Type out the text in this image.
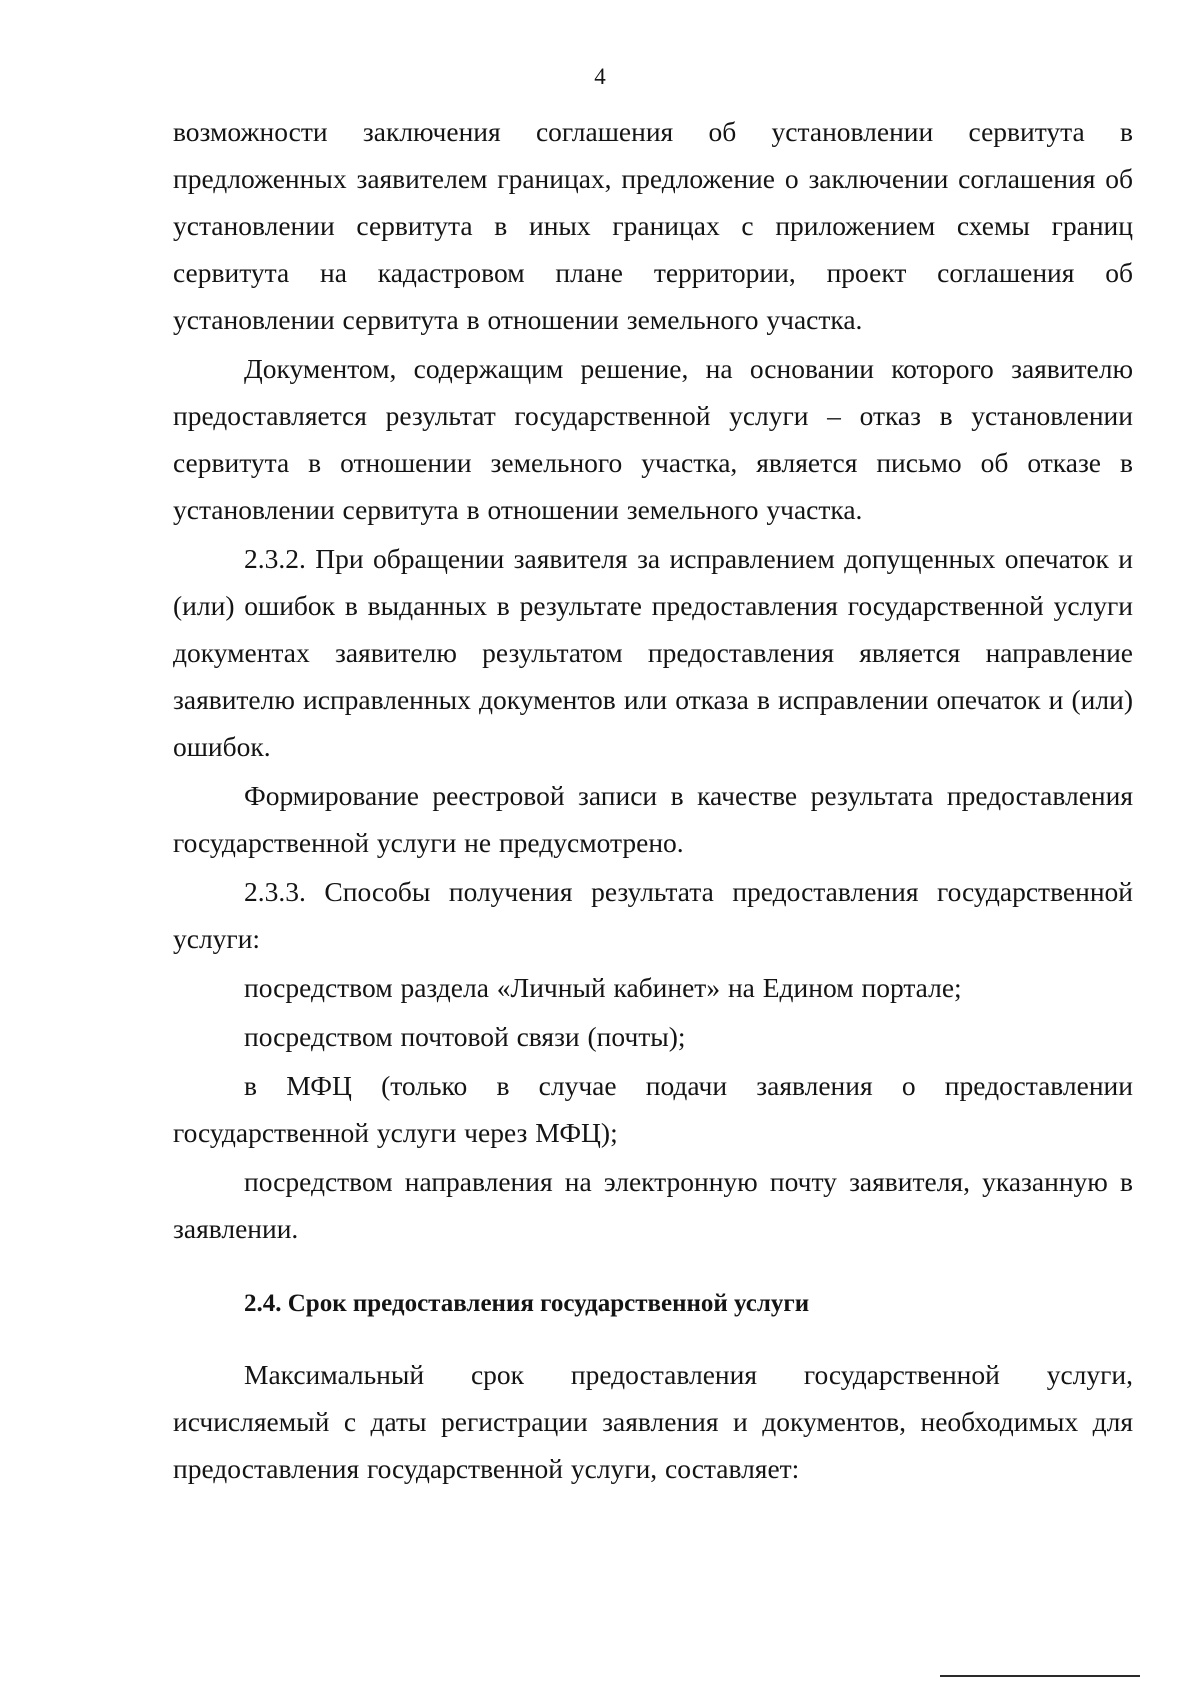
4

возможности заключения соглашения об установлении сервитута в предложенных заявителем границах, предложение о заключении соглашения об установлении сервитута в иных границах с приложением схемы границ сервитута на кадастровом плане территории, проект соглашения об установлении сервитута в отношении земельного участка.

Документом, содержащим решение, на основании которого заявителю предоставляется результат государственной услуги – отказ в установлении сервитута в отношении земельного участка, является письмо об отказе в установлении сервитута в отношении земельного участка.

2.3.2. При обращении заявителя за исправлением допущенных опечаток и (или) ошибок в выданных в результате предоставления государственной услуги документах заявителю результатом предоставления является направление заявителю исправленных документов или отказа в исправлении опечаток и (или) ошибок.

Формирование реестровой записи в качестве результата предоставления государственной услуги не предусмотрено.

2.3.3. Способы получения результата предоставления государственной услуги:

посредством раздела «Личный кабинет» на Едином портале;

посредством почтовой связи (почты);

в МФЦ (только в случае подачи заявления о предоставлении государственной услуги через МФЦ);

посредством направления на электронную почту заявителя, указанную в заявлении.

2.4. Срок предоставления государственной услуги

Максимальный срок предоставления государственной услуги, исчисляемый с даты регистрации заявления и документов, необходимых для предоставления государственной услуги, составляет:
